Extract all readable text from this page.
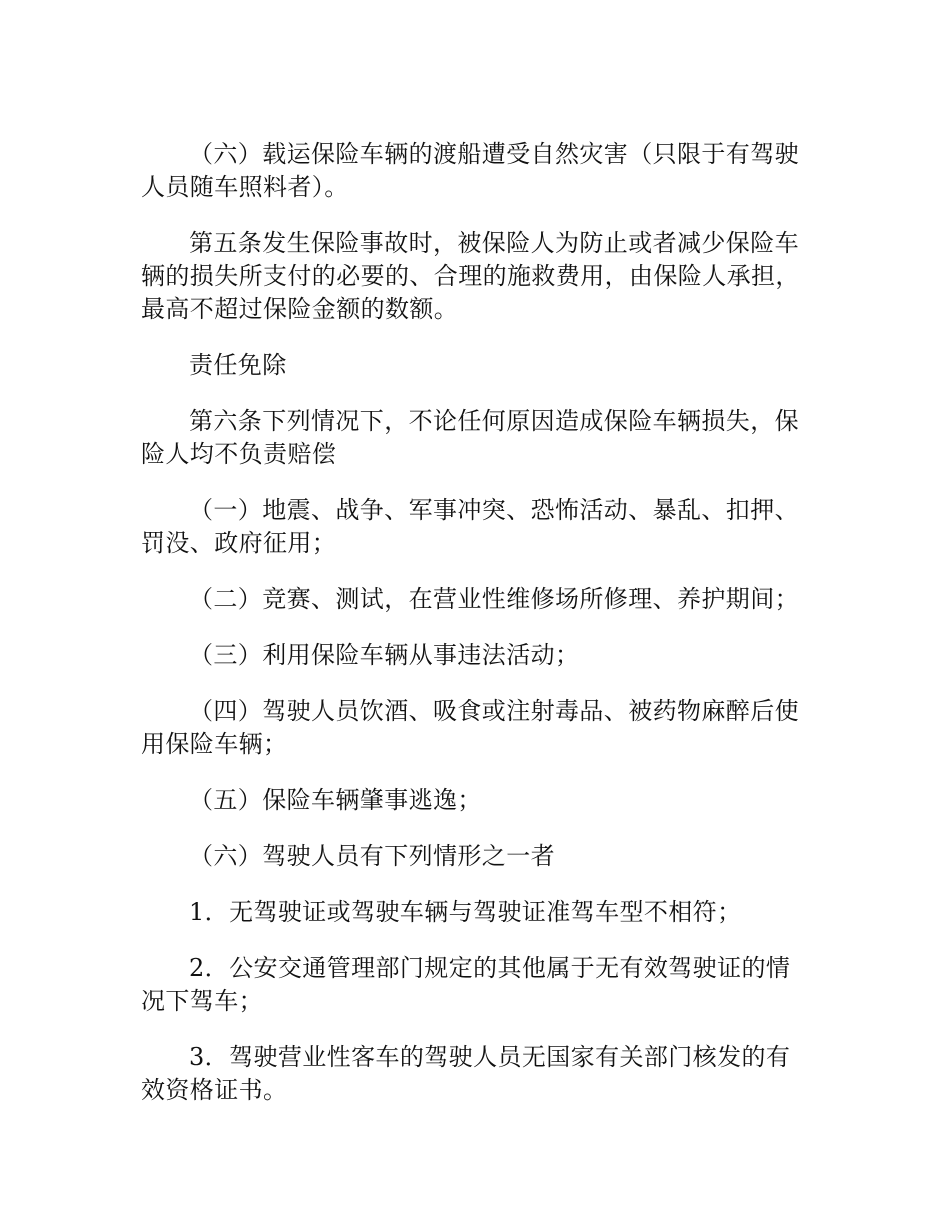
（六）载运保险车辆的渡船遭受自然灾害（只限于有驾驶人员随车照料者）。

第五条发生保险事故时，被保险人为防止或者减少保险车辆的损失所支付的必要的、合理的施救费用，由保险人承担，最高不超过保险金额的数额。

责任免除

第六条下列情况下，不论任何原因造成保险车辆损失，保险人均不负责赔偿

（一）地震、战争、军事冲突、恐怖活动、暴乱、扣押、罚没、政府征用；

（二）竞赛、测试，在营业性维修场所修理、养护期间；

（三）利用保险车辆从事违法活动；

（四）驾驶人员饮酒、吸食或注射毒品、被药物麻醉后使用保险车辆；

（五）保险车辆肇事逃逸；

（六）驾驶人员有下列情形之一者

1．无驾驶证或驾驶车辆与驾驶证准驾车型不相符；

2．公安交通管理部门规定的其他属于无有效驾驶证的情况下驾车；

3．驾驶营业性客车的驾驶人员无国家有关部门核发的有效资格证书。
